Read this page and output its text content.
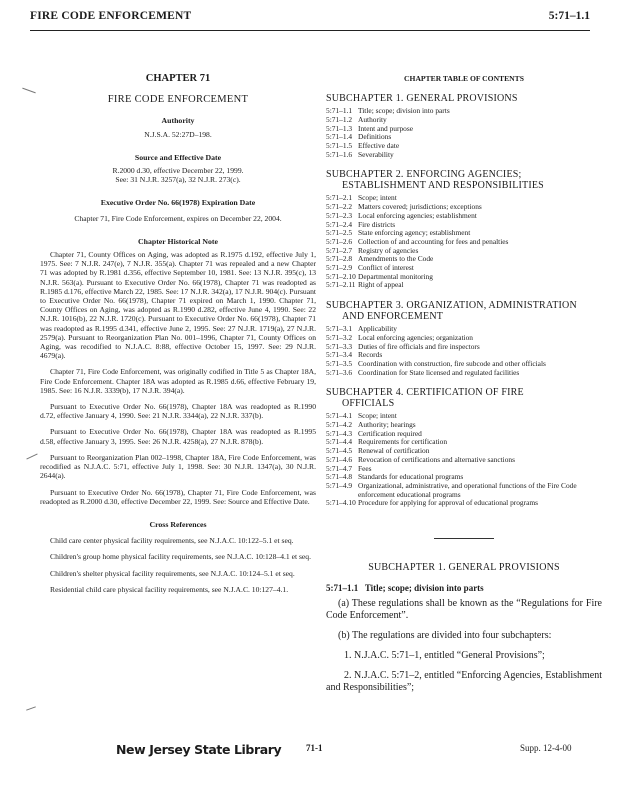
FIRE CODE ENFORCEMENT	5:71–1.1
CHAPTER 71
FIRE CODE ENFORCEMENT
Authority
N.J.S.A. 52:27D–198.
Source and Effective Date
R.2000 d.30, effective December 22, 1999.
See: 31 N.J.R. 3257(a), 32 N.J.R. 273(c).
Executive Order No. 66(1978) Expiration Date
Chapter 71, Fire Code Enforcement, expires on December 22, 2004.
Chapter Historical Note

Chapter 71, County Offices on Aging, was adopted as R.1975 d.192, effective July 1, 1975. See: 7 N.J.R. 247(e), 7 N.J.R. 355(a). Chapter 71 was repealed and a new Chapter 71 was adopted by R.1981 d.356, effective September 10, 1981. See: 13 N.J.R. 395(c), 13 N.J.R. 563(a). Pursuant to Executive Order No. 66(1978), Chapter 71 was readopted as R.1985 d.176, effective March 22, 1985. See: 17 N.J.R. 342(a), 17 N.J.R. 904(c). Pursuant to Executive Order No. 66(1978), Chapter 71 expired on March 1, 1990. Chapter 71, County Offices on Aging, was adopted as R.1990 d.282, effective June 4, 1990. See: 22 N.J.R. 1016(b), 22 N.J.R. 1720(c). Pursuant to Executive Order No. 66(1978), Chapter 71 was readopted as R.1995 d.341, effective June 2, 1995. See: 27 N.J.R. 1719(a), 27 N.J.R. 2579(a). Pursuant to Reorganization Plan No. 001–1996, Chapter 71, County Offices on Aging, was recodified to N.J.A.C. 8:88, effective October 15, 1997. See: 29 N.J.R. 4679(a).

Chapter 71, Fire Code Enforcement, was originally codified in Title 5 as Chapter 18A, Fire Code Enforcement. Chapter 18A was adopted as R.1985 d.66, effective February 19, 1985. See: 16 N.J.R. 3339(b), 17 N.J.R. 394(a).

Pursuant to Executive Order No. 66(1978), Chapter 18A was readopted as R.1990 d.72, effective January 4, 1990. See: 21 N.J.R. 3344(a), 22 N.J.R. 337(b).

Pursuant to Executive Order No. 66(1978), Chapter 18A was readopted as R.1995 d.58, effective January 3, 1995. See: 26 N.J.R. 4258(a), 27 N.J.R. 878(b).

Pursuant to Reorganization Plan 002–1998, Chapter 18A, Fire Code Enforcement, was recodified as N.J.A.C. 5:71, effective July 1, 1998. See: 30 N.J.R. 1347(a), 30 N.J.R. 2644(a).

Pursuant to Executive Order No. 66(1978), Chapter 71, Fire Code Enforcement, was readopted as R.2000 d.30, effective December 22, 1999. See: Source and Effective Date.

Cross References
Child care center physical facility requirements, see N.J.A.C. 10:122–5.1 et seq.
Children's group home physical facility requirements, see N.J.A.C. 10:128–4.1 et seq.
Children's shelter physical facility requirements, see N.J.A.C. 10:124–5.1 et seq.
Residential child care physical facility requirements, see N.J.A.C. 10:127–4.1.
CHAPTER TABLE OF CONTENTS
SUBCHAPTER 1. GENERAL PROVISIONS
5:71–1.1 Title; scope; division into parts
5:71–1.2 Authority
5:71–1.3 Intent and purpose
5:71–1.4 Definitions
5:71–1.5 Effective date
5:71–1.6 Severability
SUBCHAPTER 2. ENFORCING AGENCIES;
ESTABLISHMENT AND RESPONSIBILITIES
5:71–2.1 Scope; intent
5:71–2.2 Matters covered; jurisdictions; exceptions
5:71–2.3 Local enforcing agencies; establishment
5:71–2.4 Fire districts
5:71–2.5 State enforcing agency; establishment
5:71–2.6 Collection of and accounting for fees and penalties
5:71–2.7 Registry of agencies
5:71–2.8 Amendments to the Code
5:71–2.9 Conflict of interest
5:71–2.10 Departmental monitoring
5:71–2.11 Right of appeal
SUBCHAPTER 3. ORGANIZATION, ADMINISTRATION
AND ENFORCEMENT
5:71–3.1 Applicability
5:71–3.2 Local enforcing agencies; organization
5:71–3.3 Duties of fire officials and fire inspectors
5:71–3.4 Records
5:71–3.5 Coordination with construction, fire subcode and other officials
5:71–3.6 Coordination for State licensed and regulated facilities
SUBCHAPTER 4. CERTIFICATION OF FIRE
OFFICIALS
5:71–4.1 Scope; intent
5:71–4.2 Authority; hearings
5:71–4.3 Certification required
5:71–4.4 Requirements for certification
5:71–4.5 Renewal of certification
5:71–4.6 Revocation of certifications and alternative sanctions
5:71–4.7 Fees
5:71–4.8 Standards for educational programs
5:71–4.9 Organizational, administrative, and operational functions of the Fire Code enforcement educational programs
5:71–4.10 Procedure for applying for approval of educational programs
SUBCHAPTER 1. GENERAL PROVISIONS
5:71–1.1 Title; scope; division into parts
(a) These regulations shall be known as the “Regulations for Fire Code Enforcement”.
(b) The regulations are divided into four subchapters:
1. N.J.A.C. 5:71–1, entitled “General Provisions”;
2. N.J.A.C. 5:71–2, entitled “Enforcing Agencies, Establishment and Responsibilities”;
New Jersey State Library	71-1	Supp. 12-4-00
